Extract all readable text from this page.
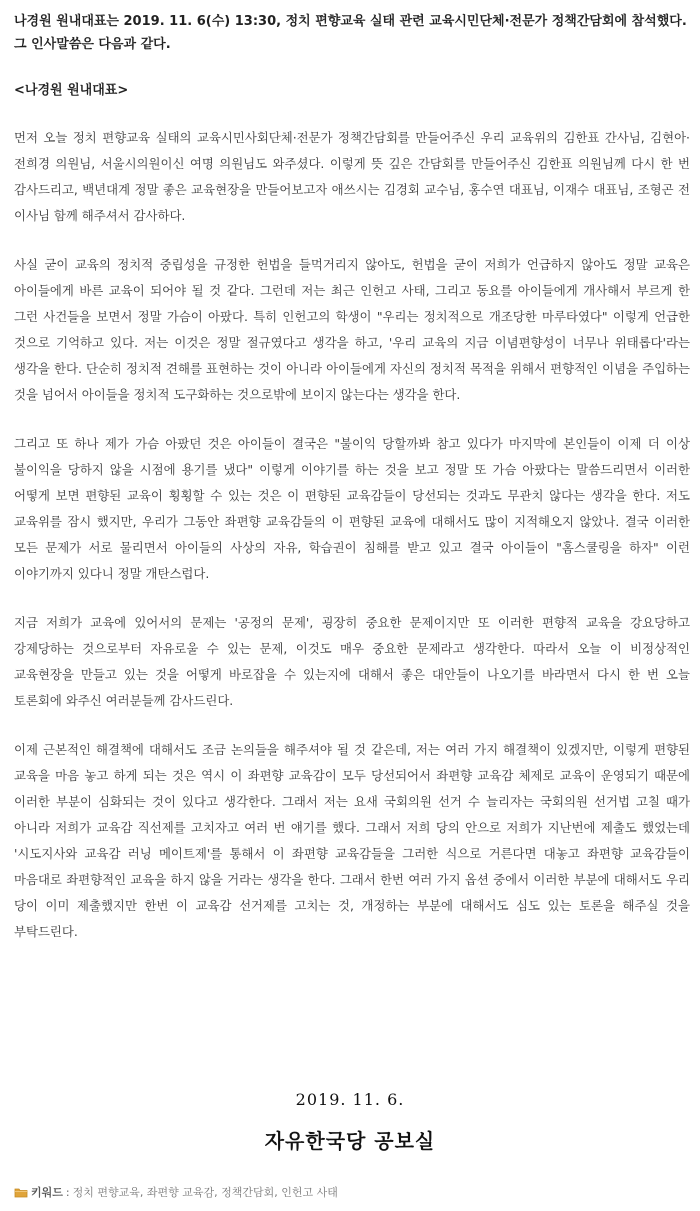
나경원 원내대표는 2019. 11. 6(수) 13:30, 정치 편향교육 실태 관련 교육시민단체·전문가 정책간담회에 참석했다. 그 인사말씀은 다음과 같다.

<나경원 원내대표>

먼저 오늘 정치 편향교육 실태의 교육시민사회단체·전문가 정책간담회를 만들어주신 우리 교육위의 김한표 간사님, 김현아·전희경 의원님, 서울시의원이신 여명 의원님도 와주셨다. 이렇게 뜻 깊은 간담회를 만들어주신 김한표 의원님께 다시 한 번 감사드리고, 백년대계 정말 좋은 교육현장을 만들어보고자 애쓰시는 김경회 교수님, 홍수연 대표님, 이재수 대표님, 조형곤 전 이사님 함께 해주셔서 감사하다.

사실 굳이 교육의 정치적 중립성을 규정한 헌법을 들먹거리지 않아도, 헌법을 굳이 저희가 언급하지 않아도 정말 교육은 아이들에게 바른 교육이 되어야 될 것 같다. 그런데 저는 최근 인헌고 사태, 그리고 동요를 아이들에게 개사해서 부르게 한 그런 사건들을 보면서 정말 가슴이 아팠다. 특히 인헌고의 학생이 "우리는 정치적으로 개조당한 마루타였다" 이렇게 언급한 것으로 기억하고 있다. 저는 이것은 정말 절규였다고 생각을 하고, '우리 교육의 지금 이념편향성이 너무나 위태롭다'라는 생각을 한다. 단순히 정치적 견해를 표현하는 것이 아니라 아이들에게 자신의 정치적 목적을 위해서 편향적인 이념을 주입하는 것을 넘어서 아이들을 정치적 도구화하는 것으로밖에 보이지 않는다는 생각을 한다.

그리고 또 하나 제가 가슴 아팠던 것은 아이들이 결국은 "불이익 당할까봐 참고 있다가 마지막에 본인들이 이제 더 이상 불이익을 당하지 않을 시점에 용기를 냈다" 이렇게 이야기를 하는 것을 보고 정말 또 가슴 아팠다는 말씀드리면서 이러한 어떻게 보면 편향된 교육이 횡횡할 수 있는 것은 이 편향된 교육감들이 당선되는 것과도 무관치 않다는 생각을 한다. 저도 교육위를 잠시 했지만, 우리가 그동안 좌편향 교육감들의 이 편향된 교육에 대해서도 많이 지적해오지 않았나. 결국 이러한 모든 문제가 서로 물리면서 아이들의 사상의 자유, 학습권이 침해를 받고 있고 결국 아이들이 "홈스쿨링을 하자" 이런 이야기까지 있다니 정말 개탄스럽다.

지금 저희가 교육에 있어서의 문제는 '공정의 문제', 굉장히 중요한 문제이지만 또 이러한 편향적 교육을 강요당하고 강제당하는 것으로부터 자유로울 수 있는 문제, 이것도 매우 중요한 문제라고 생각한다. 따라서 오늘 이 비정상적인 교육현장을 만들고 있는 것을 어떻게 바로잡을 수 있는지에 대해서 좋은 대안들이 나오기를 바라면서 다시 한 번 오늘 토론회에 와주신 여러분들께 감사드린다.

이제 근본적인 해결책에 대해서도 조금 논의들을 해주셔야 될 것 같은데, 저는 여러 가지 해결책이 있겠지만, 이렇게 편향된 교육을 마음 놓고 하게 되는 것은 역시 이 좌편향 교육감이 모두 당선되어서 좌편향 교육감 체제로 교육이 운영되기 때문에 이러한 부분이 심화되는 것이 있다고 생각한다. 그래서 저는 요새 국회의원 선거 수 늘리자는 국회의원 선거법 고칠 때가 아니라 저희가 교육감 직선제를 고치자고 여러 번 얘기를 했다. 그래서 저희 당의 안으로 저희가 지난번에 제출도 했었는데 '시도지사와 교육감 러닝 메이트제'를 통해서 이 좌편향 교육감들을 그러한 식으로 거른다면 대놓고 좌편향 교육감들이 마음대로 좌편향적인 교육을 하지 않을 거라는 생각을 한다. 그래서 한번 여러 가지 옵션 중에서 이러한 부분에 대해서도 우리 당이 이미 제출했지만 한번 이 교육감 선거제를 고치는 것, 개정하는 부분에 대해서도 심도 있는 토론을 해주실 것을 부탁드린다.

2019. 11. 6.
자유한국당 공보실
키워드 : 정치 편향교육, 좌편향 교육감, 정책간담회, 인헌고 사태
